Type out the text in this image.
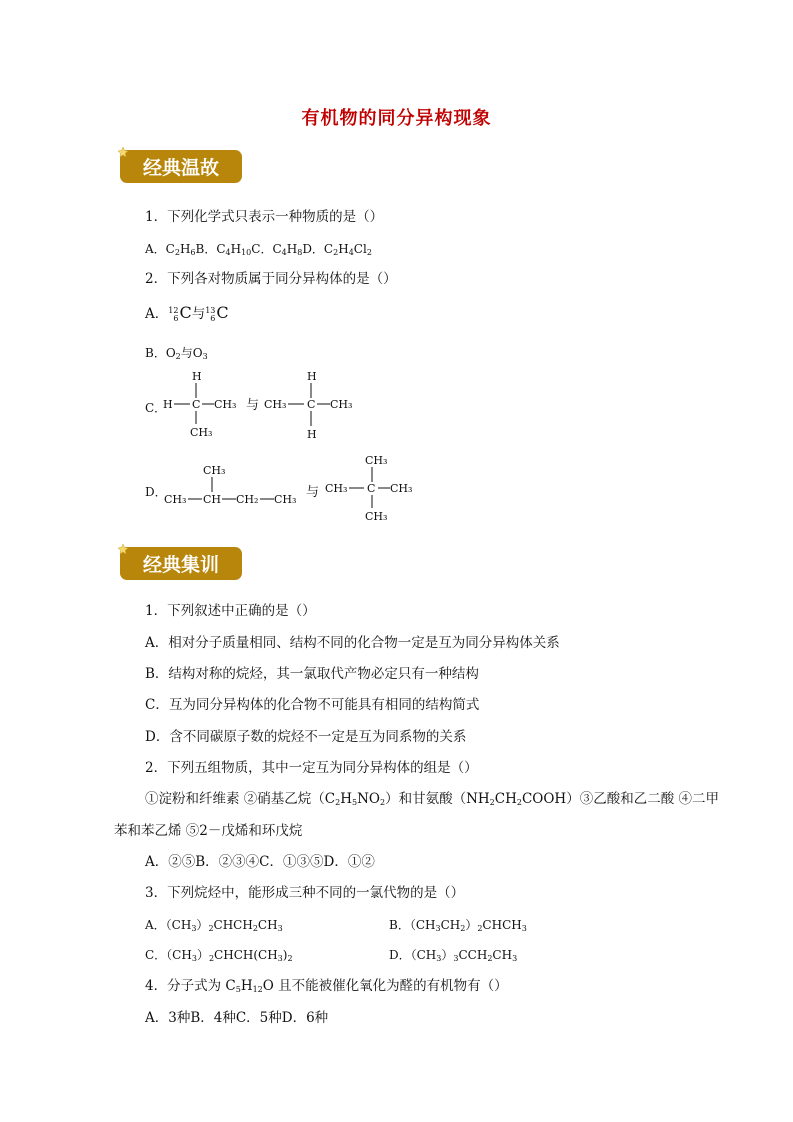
有机物的同分异构现象
经典温故
1．下列化学式只表示一种物质的是（）
A．$C_2H_6B$．$C_4H_{10}C$．$C_4H_8D$．$C_2H_4Cl_2$
2．下列各对物质属于同分异构体的是（）
A． 12
6 C与 13
6 C
B．$O_2$与$O_3$
C．
H
H C CH₃
CH₃
与
H
CH₃ C CH₃
H
D．
CH₃
CH₃ CH CH₂ CH₃ 与
CH₃
CH₃ C CH₃
CH₃
经典集训
1．下列叙述中正确的是（）
A．相对分子质量相同、结构不同的化合物一定是互为同分异构体关系
B．结构对称的烷烃，其一氯取代产物必定只有一种结构
C．互为同分异构体的化合物不可能具有相同的结构简式
D．含不同碳原子数的烷烃不一定是互为同系物的关系
2．下列五组物质，其中一定互为同分异构体的组是（）
①淀粉和纤维素 ②硝基乙烷$(C_2H_5NO_2)$和甘氨酸$(NH_2CH_2COOH)③$乙酸和乙二酸 ④二甲
苯和苯乙烯 ⑤2－戊烯和环戊烷
A．②⑤B．②③④C．①③⑤D．①②
3．下列烷烃中，能形成三种不同的一氯代物的是（）
A．$(CH_3)_2CHCH_2CH_3$	B．$(CH_3CH_2)_2CHCH_3$
C．$(CH_3)_2CHCH(CH_3)_2$	D．$(CH_3)_3CCH_2CH_3$
4．分子式为 $C_5H_{12}O$ 且不能被催化氧化为醛的有机物有（）
A．3种B．4种C．5种D．6种
